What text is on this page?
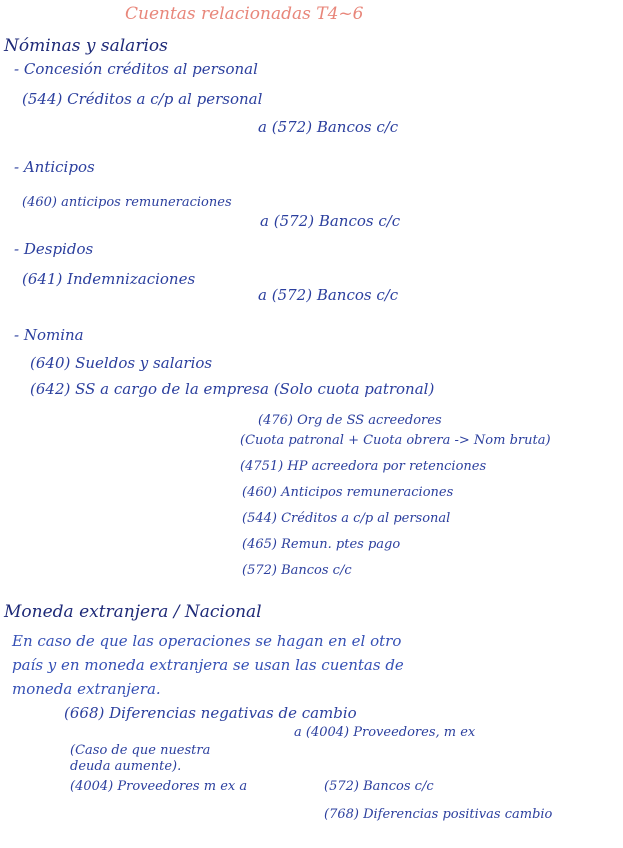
Cuentas relacionadas T4~6
Nóminas y salarios
- Concesión créditos al personal
(544) Créditos a c/p al personal
a (572) Bancos c/c
- Anticipos
(460) anticipos remuneraciones
a (572) Bancos c/c
- Despidos
(641) Indemnizaciones
a (572) Bancos c/c
- Nomina
(640) Sueldos y salarios
(642) SS a cargo de la empresa (Solo cuota patronal)
(476) Org de SS acreedores
(Cuota patronal + Cuota obrera -> Nom bruta)
(4751) HP acreedora por retenciones
(460) Anticipos remuneraciones
(544) Créditos a c/p al personal
(465) Remun. ptes pago
(572) Bancos c/c
Moneda extranjera / Nacional
En caso de que las operaciones se hagan en el otro
país y en moneda extranjera se usan las cuentas de
moneda extranjera.
(668) Diferencias negativas de cambio
a (4004) Proveedores, m ex
(Caso de que nuestra
deuda aumente).
(4004) Proveedores m ex a	(572) Bancos c/c
(768) Diferencias positivas cambio
